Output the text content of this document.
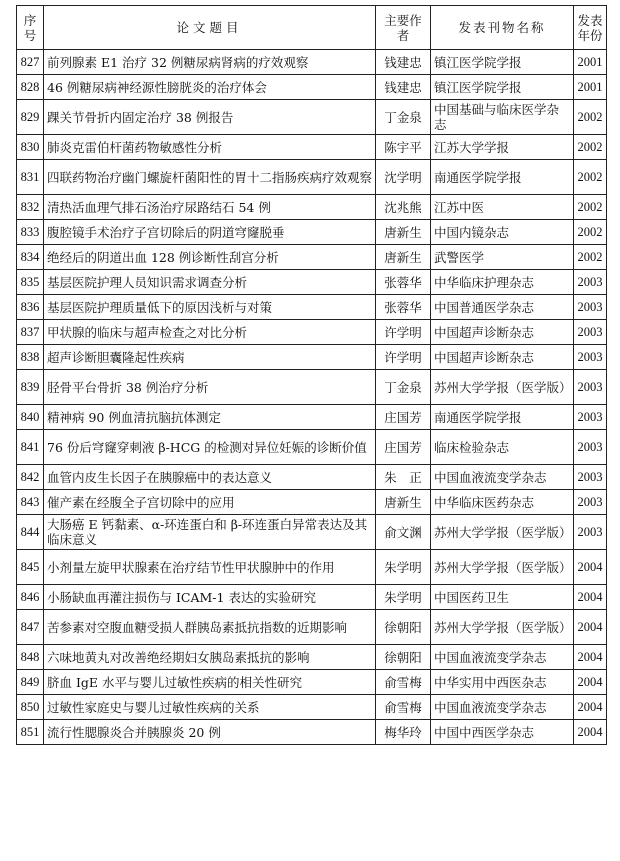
序号	论文题目	主要作者	发表刊物名称	发表年份
827	前列腺素 E1 治疗 32 例糖尿病肾病的疗效观察	钱建忠	镇江医学院学报	2001
828	46 例糖尿病神经源性膀胱炎的治疗体会	钱建忠	镇江医学院学报	2001
829	踝关节骨折内固定治疗 38 例报告	丁金泉	中国基础与临床医学杂志	2002
830	肺炎克雷伯杆菌药物敏感性分析	陈宇平	江苏大学学报	2002
831	四联药物治疗幽门螺旋杆菌阳性的胃十二指肠疾病疗效观察	沈学明	南通医学院学报	2002
832	清热活血理气排石汤治疗尿路结石 54 例	沈兆熊	江苏中医	2002
833	腹腔镜手术治疗子宫切除后的阴道穹窿脱垂	唐新生	中国内镜杂志	2002
834	绝经后的阴道出血 128 例诊断性刮宫分析	唐新生	武警医学	2002
835	基层医院护理人员知识需求调查分析	张蓉华	中华临床护理杂志	2003
836	基层医院护理质量低下的原因浅析与对策	张蓉华	中国普通医学杂志	2003
837	甲状腺的临床与超声检查之对比分析	许学明	中国超声诊断杂志	2003
838	超声诊断胆囊隆起性疾病	许学明	中国超声诊断杂志	2003
839	胫骨平台骨折 38 例治疗分析	丁金泉	苏州大学学报（医学版）	2003
840	精神病 90 例血清抗脑抗体测定	庄国芳	南通医学院学报	2003
841	76 份后穹窿穿刺液 β-HCG 的检测对异位妊娠的诊断价值	庄国芳	临床检验杂志	2003
842	血管内皮生长因子在胰腺癌中的表达意义	朱　正	中国血液流变学杂志	2003
843	催产素在经腹全子宫切除中的应用	唐新生	中华临床医药杂志	2003
844	大肠癌 E 钙黏素、α-环连蛋白和 β-环连蛋白异常表达及其临床意义	俞文渊	苏州大学学报（医学版）	2003
845	小剂量左旋甲状腺素在治疗结节性甲状腺肿中的作用	朱学明	苏州大学学报（医学版）	2004
846	小肠缺血再灌注损伤与 ICAM-1 表达的实验研究	朱学明	中国医药卫生	2004
847	苦参素对空腹血糖受损人群胰岛素抵抗指数的近期影响	徐朝阳	苏州大学学报（医学版）	2004
848	六味地黄丸对改善绝经期妇女胰岛素抵抗的影响	徐朝阳	中国血液流变学杂志	2004
849	脐血 IgE 水平与婴儿过敏性疾病的相关性研究	俞雪梅	中华实用中西医杂志	2004
850	过敏性家庭史与婴儿过敏性疾病的关系	俞雪梅	中国血液流变学杂志	2004
851	流行性腮腺炎合并胰腺炎 20 例	梅华玲	中国中西医学杂志	2004
